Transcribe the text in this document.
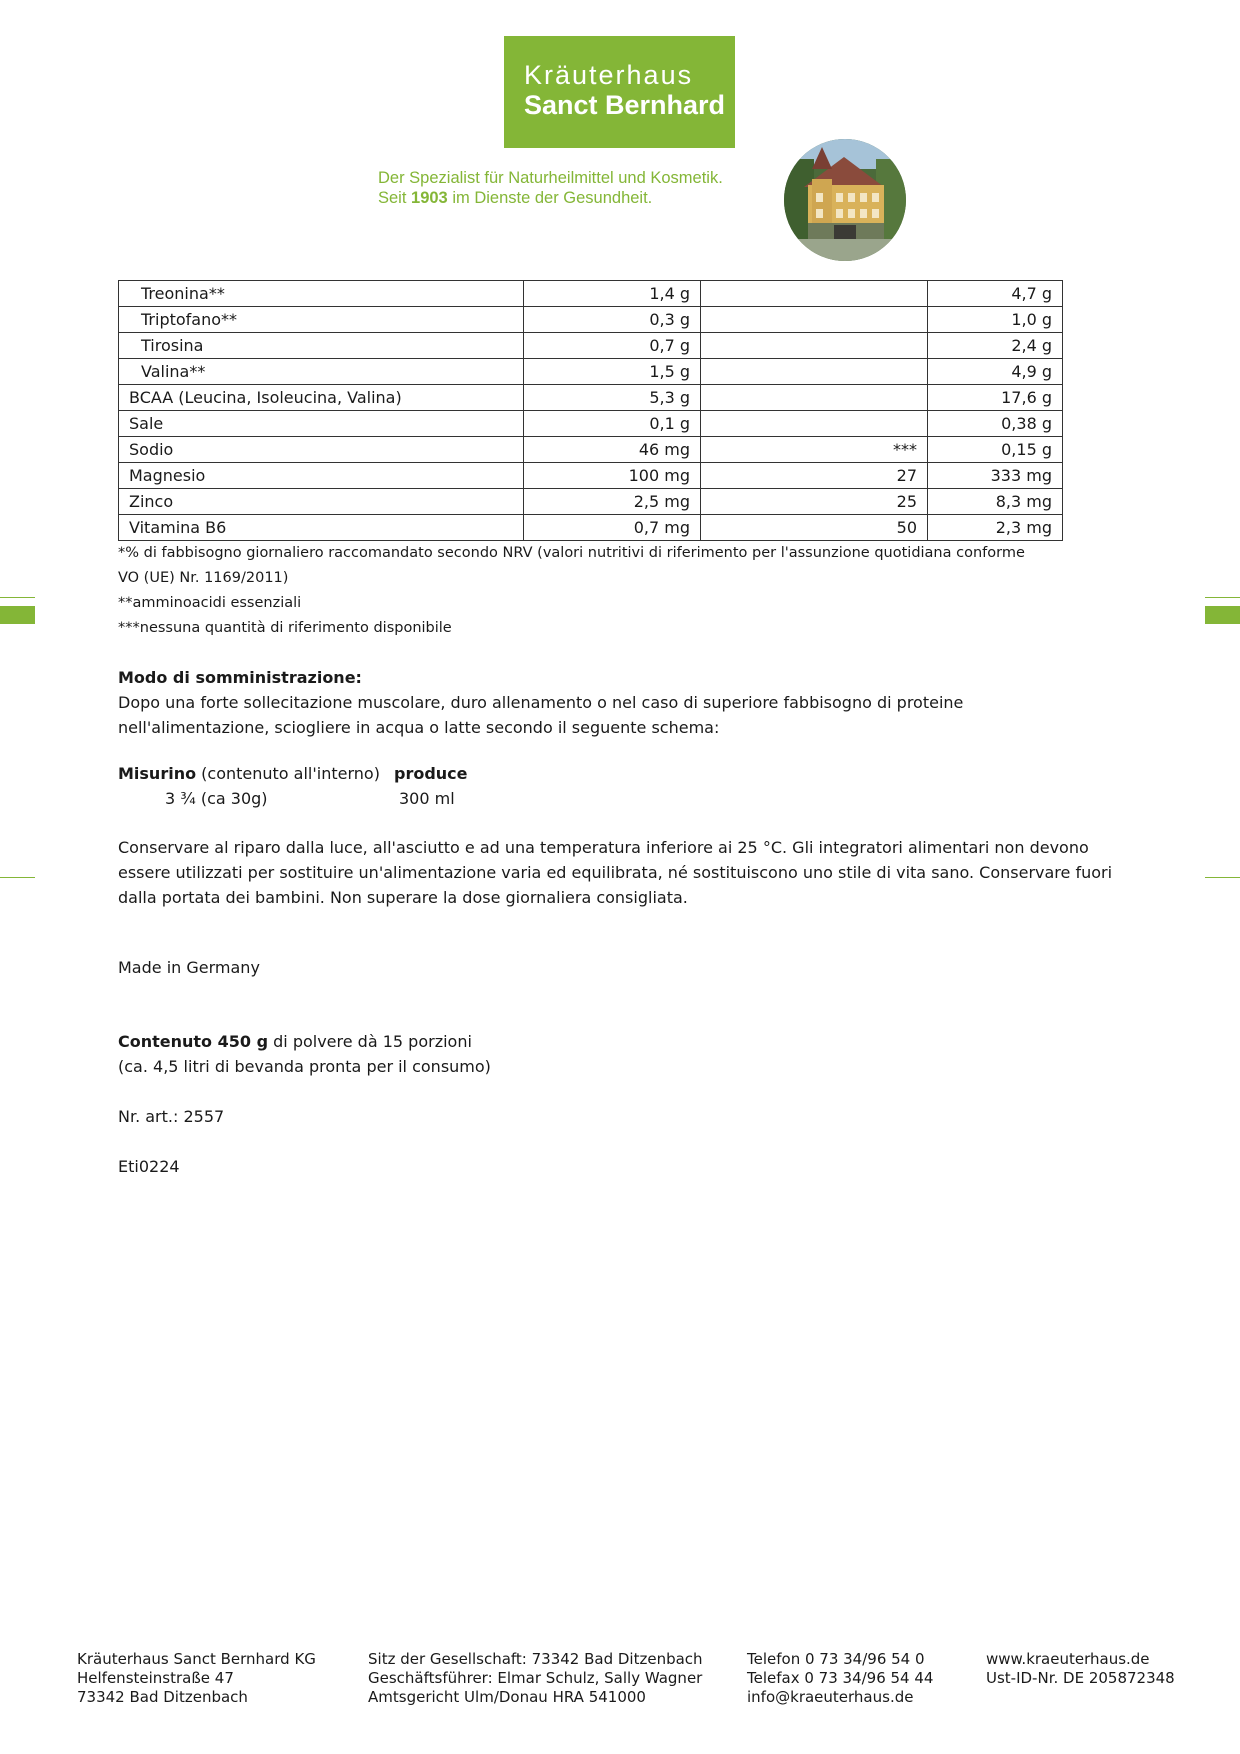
Kräuterhaus
Sanct Bernhard
Der Spezialist für Naturheilmittel und Kosmetik.
Seit 1903 im Dienste der Gesundheit.
Treonina**	1,4 g		4,7 g
Triptofano**	0,3 g		1,0 g
Tirosina	0,7 g		2,4 g
Valina**	1,5 g		4,9 g
BCAA (Leucina, Isoleucina, Valina)	5,3 g		17,6 g
Sale	0,1 g		0,38 g
Sodio	46 mg	***	0,15 g
Magnesio	100 mg	27	333 mg
Zinco	2,5 mg	25	8,3 mg
Vitamina B6	0,7 mg	50	2,3 mg
*% di fabbisogno giornaliero raccomandato secondo NRV (valori nutritivi di riferimento per l'assunzione quotidiana conforme
VO (UE) Nr. 1169/2011)
**amminoacidi essenziali
***nessuna quantità di riferimento disponibile
Modo di somministrazione:
Dopo una forte sollecitazione muscolare, duro allenamento o nel caso di superiore fabbisogno di proteine
nell'alimentazione, sciogliere in acqua o latte secondo il seguente schema:
Misurino (contenuto all'interno) produce
3 ¾ (ca 30g)	300 ml
Conservare al riparo dalla luce, all'asciutto e ad una temperatura inferiore ai 25 °C. Gli integratori alimentari non devono
essere utilizzati per sostituire un'alimentazione varia ed equilibrata, né sostituiscono uno stile di vita sano. Conservare fuori
dalla portata dei bambini. Non superare la dose giornaliera consigliata.
Made in Germany
Contenuto 450 g di polvere dà 15 porzioni
(ca. 4,5 litri di bevanda pronta per il consumo)
Nr. art.: 2557
Eti0224
Kräuterhaus Sanct Bernhard KG
Helfensteinstraße 47
73342 Bad Ditzenbach
Sitz der Gesellschaft: 73342 Bad Ditzenbach
Geschäftsführer: Elmar Schulz, Sally Wagner
Amtsgericht Ulm/Donau HRA 541000
Telefon 0 73 34/96 54 0
Telefax 0 73 34/96 54 44
info@kraeuterhaus.de
www.kraeuterhaus.de
Ust-ID-Nr. DE 205872348
